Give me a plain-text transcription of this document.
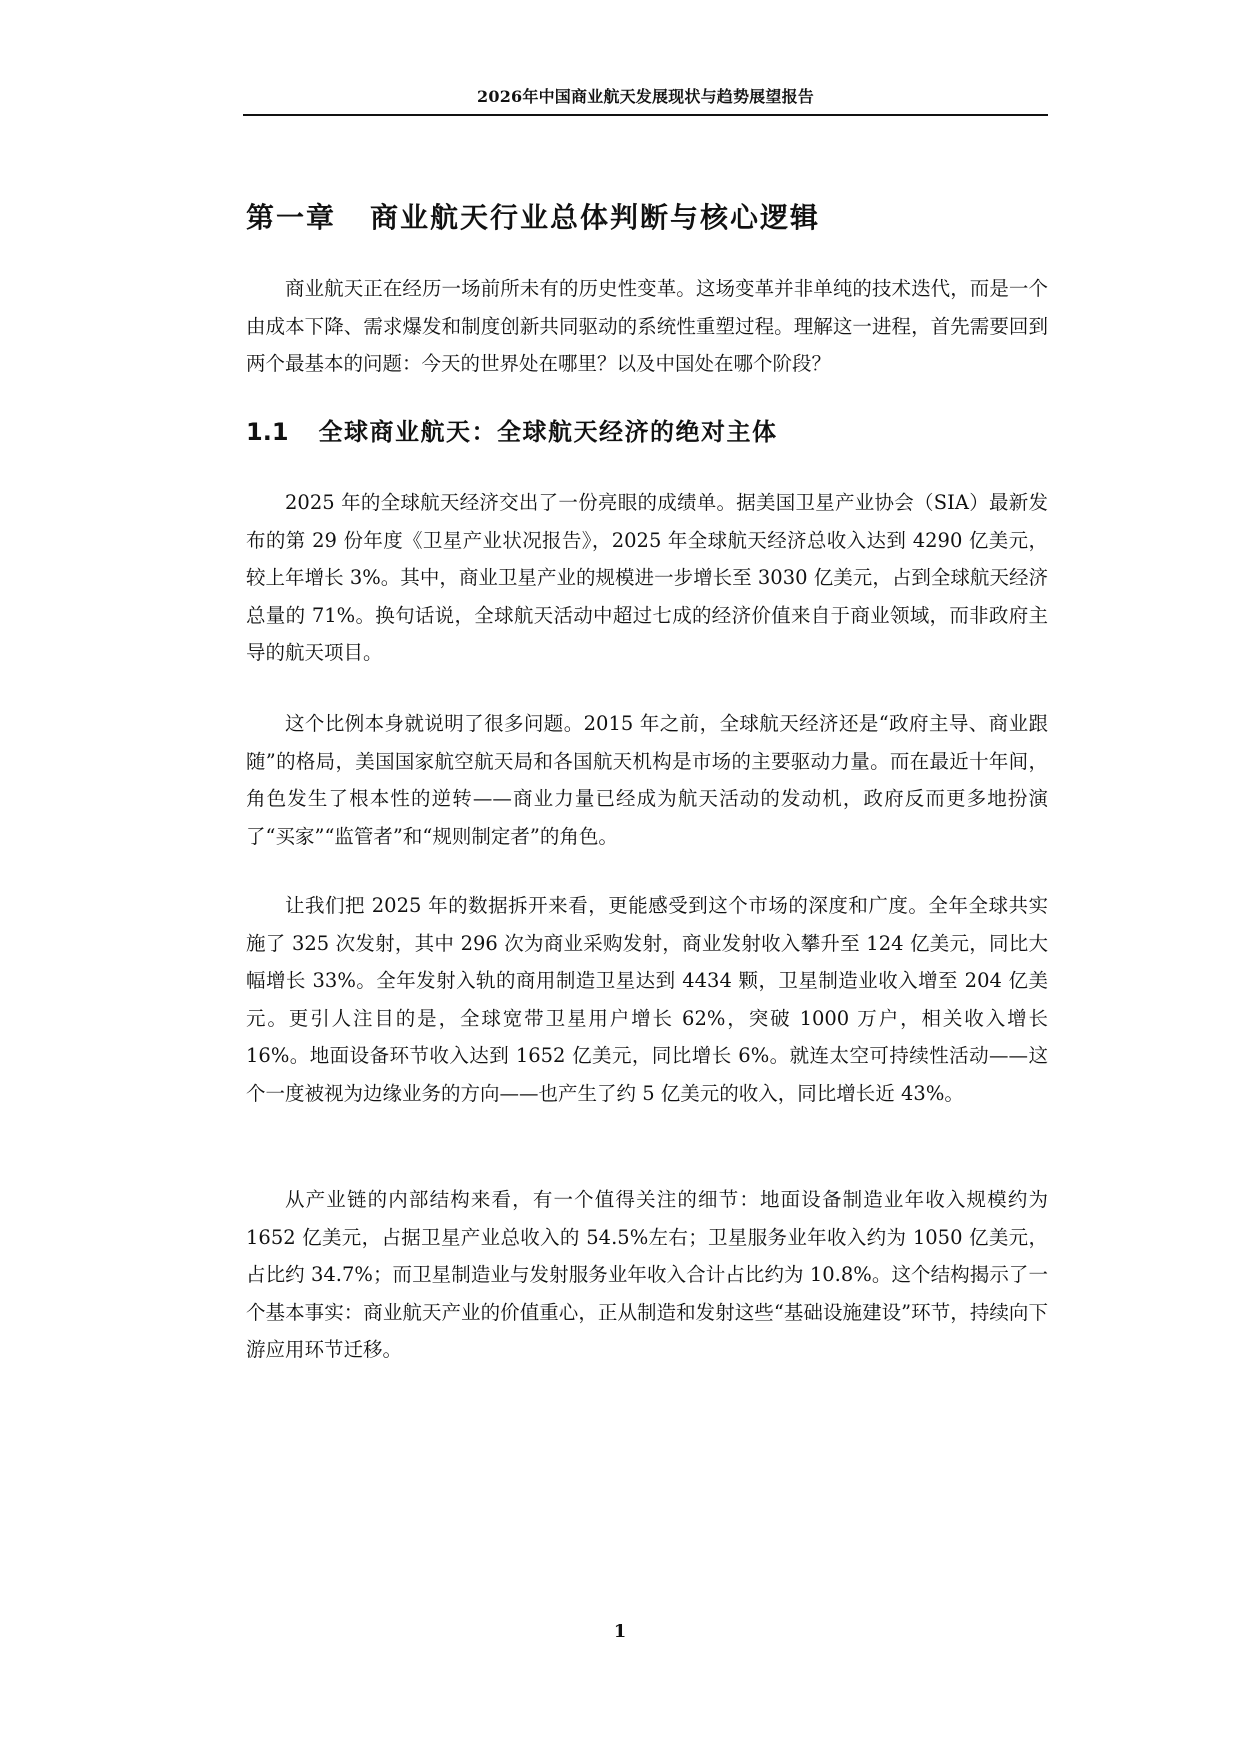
2026年中国商业航天发展现状与趋势展望报告
第一章 商业航天行业总体判断与核心逻辑

商业航天正在经历一场前所未有的历史性变革。这场变革并非单纯的技术迭代，而是一个由成本下降、需求爆发和制度创新共同驱动的系统性重塑过程。理解这一进程，首先需要回到两个最基本的问题：今天的世界处在哪里？以及中国处在哪个阶段？

1.1 全球商业航天：全球航天经济的绝对主体

2025 年的全球航天经济交出了一份亮眼的成绩单。据美国卫星产业协会（SIA）最新发布的第 29 份年度《卫星产业状况报告》，2025 年全球航天经济总收入达到 4290 亿美元，较上年增长 3%。其中，商业卫星产业的规模进一步增长至 3030 亿美元，占到全球航天经济总量的 71%。换句话说，全球航天活动中超过七成的经济价值来自于商业领域，而非政府主导的航天项目。

这个比例本身就说明了很多问题。2015 年之前，全球航天经济还是“政府主导、商业跟随”的格局，美国国家航空航天局和各国航天机构是市场的主要驱动力量。而在最近十年间，角色发生了根本性的逆转——商业力量已经成为航天活动的发动机，政府反而更多地扮演了“买家”“监管者”和“规则制定者”的角色。

让我们把 2025 年的数据拆开来看，更能感受到这个市场的深度和广度。全年全球共实施了 325 次发射，其中 296 次为商业采购发射，商业发射收入攀升至 124 亿美元，同比大幅增长 33%。全年发射入轨的商用制造卫星达到 4434 颗，卫星制造业收入增至 204 亿美元。更引人注目的是，全球宽带卫星用户增长 62%，突破 1000 万户，相关收入增长 16%。地面设备环节收入达到 1652 亿美元，同比增长 6%。就连太空可持续性活动——这个一度被视为边缘业务的方向——也产生了约 5 亿美元的收入，同比增长近 43%。

从产业链的内部结构来看，有一个值得关注的细节：地面设备制造业年收入规模约为 1652 亿美元，占据卫星产业总收入的 54.5%左右；卫星服务业年收入约为 1050 亿美元，占比约 34.7%；而卫星制造业与发射服务业年收入合计占比约为 10.8%。这个结构揭示了一个基本事实：商业航天产业的价值重心，正从制造和发射这些“基础设施建设”环节，持续向下游应用环节迁移。

1
